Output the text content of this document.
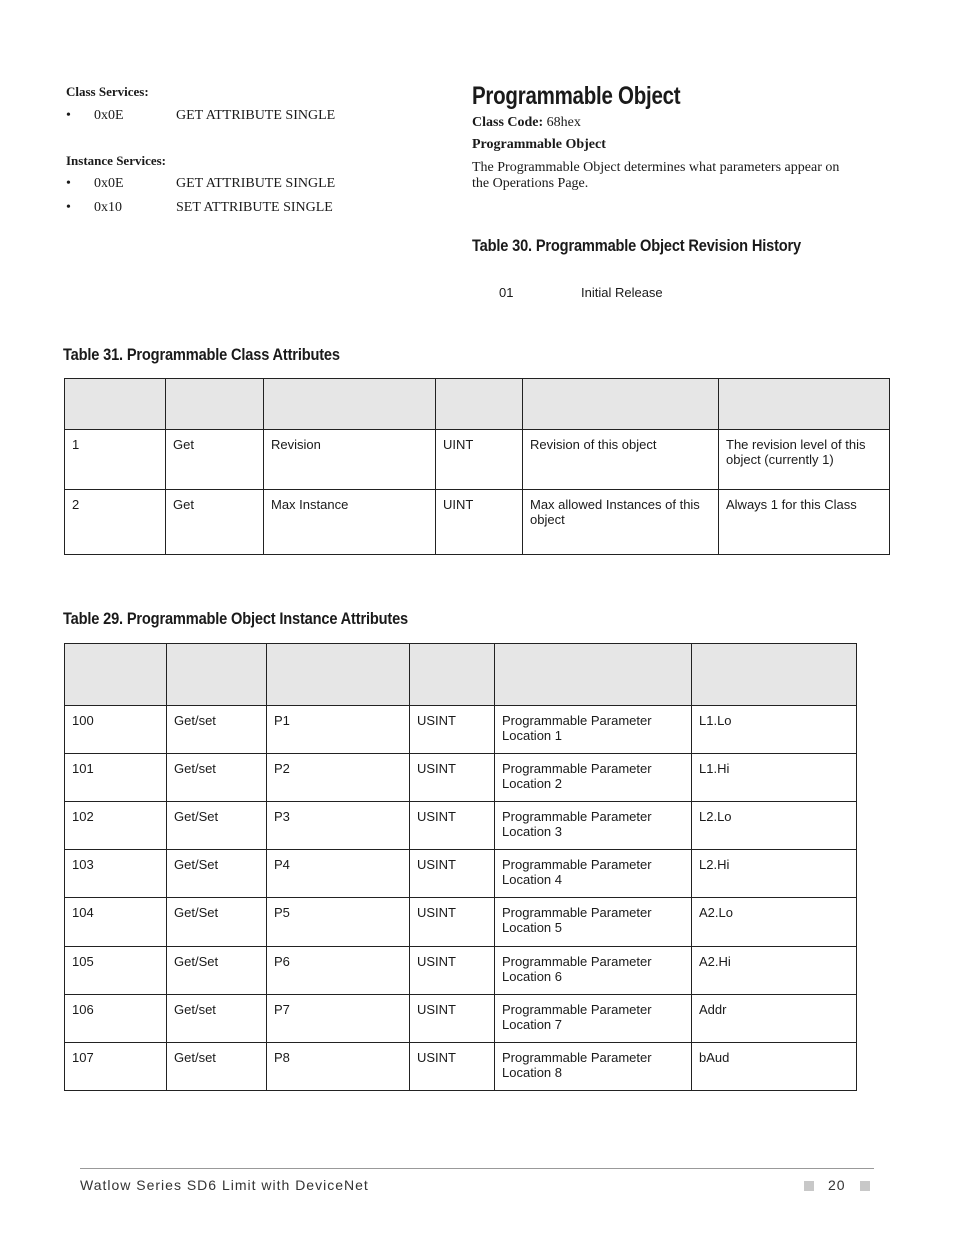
Class Services:
• 0x0E	GET ATTRIBUTE SINGLE
Instance Services:
• 0x0E	GET ATTRIBUTE SINGLE
• 0x10	SET ATTRIBUTE SINGLE
Programmable Object
Class Code: 68hex
Programmable Object
The Programmable Object determines what parameters appear on the Operations Page.
Table 30. Programmable Object Revision History
01	Initial Release
Table 31. Programmable Class Attributes

1	Get	Revision	UINT	Revision of this object	The revision level of this object (currently 1)
2	Get	Max Instance	UINT	Max allowed Instances of this object	Always 1 for this Class
Table 29. Programmable Object Instance Attributes

100	Get/set	P1	USINT	Programmable Parameter Location 1	L1.Lo
101	Get/set	P2	USINT	Programmable Parameter Location 2	L1.Hi
102	Get/Set	P3	USINT	Programmable Parameter Location 3	L2.Lo
103	Get/Set	P4	USINT	Programmable Parameter Location 4	L2.Hi
104	Get/Set	P5	USINT	Programmable Parameter Location 5	A2.Lo
105	Get/Set	P6	USINT	Programmable Parameter Location 6	A2.Hi
106	Get/set	P7	USINT	Programmable Parameter Location 7	Addr
107	Get/set	P8	USINT	Programmable Parameter Location 8	bAud
Watlow Series SD6 Limit with DeviceNet	20
